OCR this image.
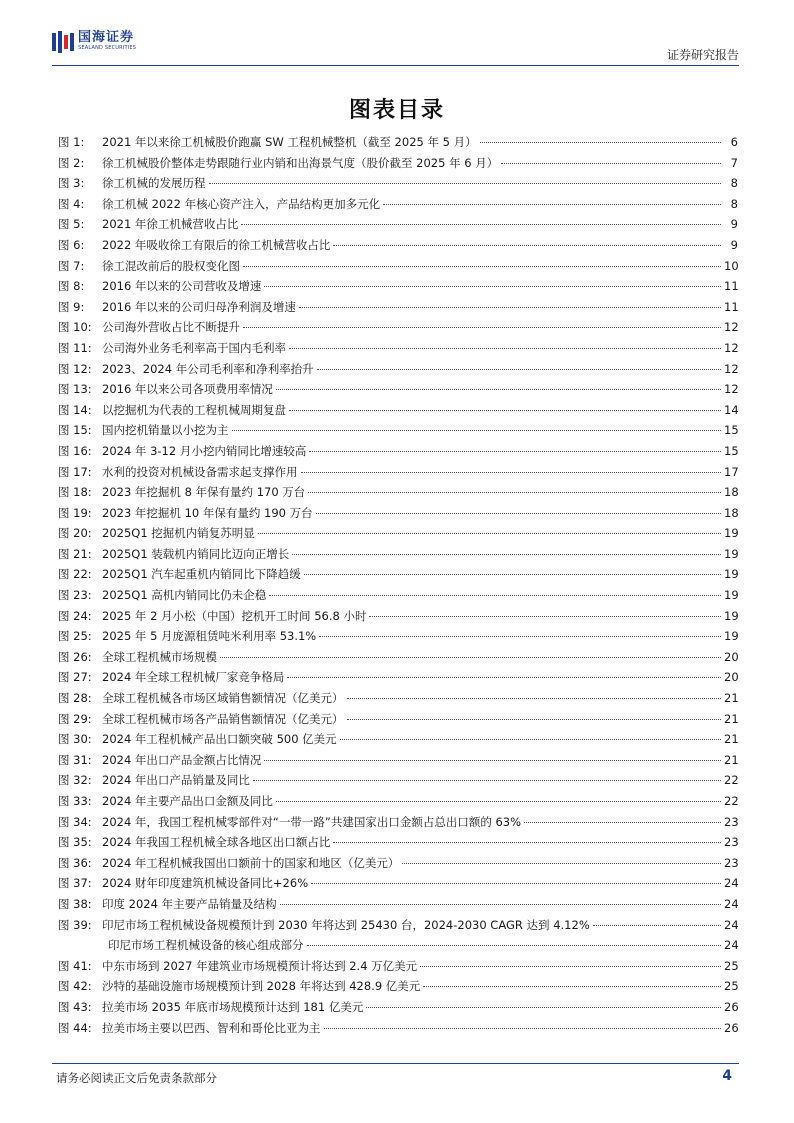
国海证券
SEALAND SECURITIES	证券研究报告
图表目录
图 1:	2021 年以来徐工机械股价跑赢 SW 工程机械整机（截至 2025 年 5 月）	6
图 2:	徐工机械股价整体走势跟随行业内销和出海景气度（股价截至 2025 年 6 月）	7
图 3:	徐工机械的发展历程	8
图 4:	徐工机械 2022 年核心资产注入，产品结构更加多元化	8
图 5:	2021 年徐工机械营收占比	9
图 6:	2022 年吸收徐工有限后的徐工机械营收占比	9
图 7:	徐工混改前后的股权变化图	10
图 8:	2016 年以来的公司营收及增速	11
图 9:	2016 年以来的公司归母净利润及增速	11
图 10: 公司海外营收占比不断提升	12
图 11: 公司海外业务毛利率高于国内毛利率	12
图 12: 2023、2024 年公司毛利率和净利率抬升	12
图 13: 2016 年以来公司各项费用率情况	12
图 14: 以挖掘机为代表的工程机械周期复盘	14
图 15: 国内挖机销量以小挖为主	15
图 16: 2024 年 3-12 月小挖内销同比增速较高	15
图 17: 水利的投资对机械设备需求起支撑作用	17
图 18: 2023 年挖掘机 8 年保有量约 170 万台	18
图 19: 2023 年挖掘机 10 年保有量约 190 万台	18
图 20: 2025Q1 挖掘机内销复苏明显	19
图 21: 2025Q1 装载机内销同比迈向正增长	19
图 22: 2025Q1 汽车起重机内销同比下降趋缓	19
图 23: 2025Q1 高机内销同比仍未企稳	19
图 24: 2025 年 2 月小松（中国）挖机开工时间 56.8 小时	19
图 25: 2025 年 5 月庞源租赁吨米利用率 53.1%	19
图 26: 全球工程机械市场规模	20
图 27: 2024 年全球工程机械厂家竞争格局	20
图 28: 全球工程机械各市场区域销售额情况（亿美元）	21
图 29: 全球工程机械市场各产品销售额情况（亿美元）	21
图 30: 2024 年工程机械产品出口额突破 500 亿美元	21
图 31: 2024 年出口产品金额占比情况	21
图 32: 2024 年出口产品销量及同比	22
图 33: 2024 年主要产品出口金额及同比	22
图 34: 2024 年，我国工程机械零部件对“一带一路”共建国家出口金额占总出口额的 63%	23
图 35: 2024 年我国工程机械全球各地区出口额占比	23
图 36: 2024 年工程机械我国出口额前十的国家和地区（亿美元）	23
图 37: 2024 财年印度建筑机械设备同比+26%	24
图 38: 印度 2024 年主要产品销量及结构	24
图 39: 印尼市场工程机械设备规模预计到 2030 年将达到 25430 台，2024-2030 CAGR 达到 4.12%	24
印尼市场工程机械设备的核心组成部分	24
图 41: 中东市场到 2027 年建筑业市场规模预计将达到 2.4 万亿美元	25
图 42: 沙特的基础设施市场规模预计到 2028 年将达到 428.9 亿美元	25
图 43: 拉美市场 2035 年底市场规模预计达到 181 亿美元	26
图 44: 拉美市场主要以巴西、智利和哥伦比亚为主	26
请务必阅读正文后免责条款部分	4
